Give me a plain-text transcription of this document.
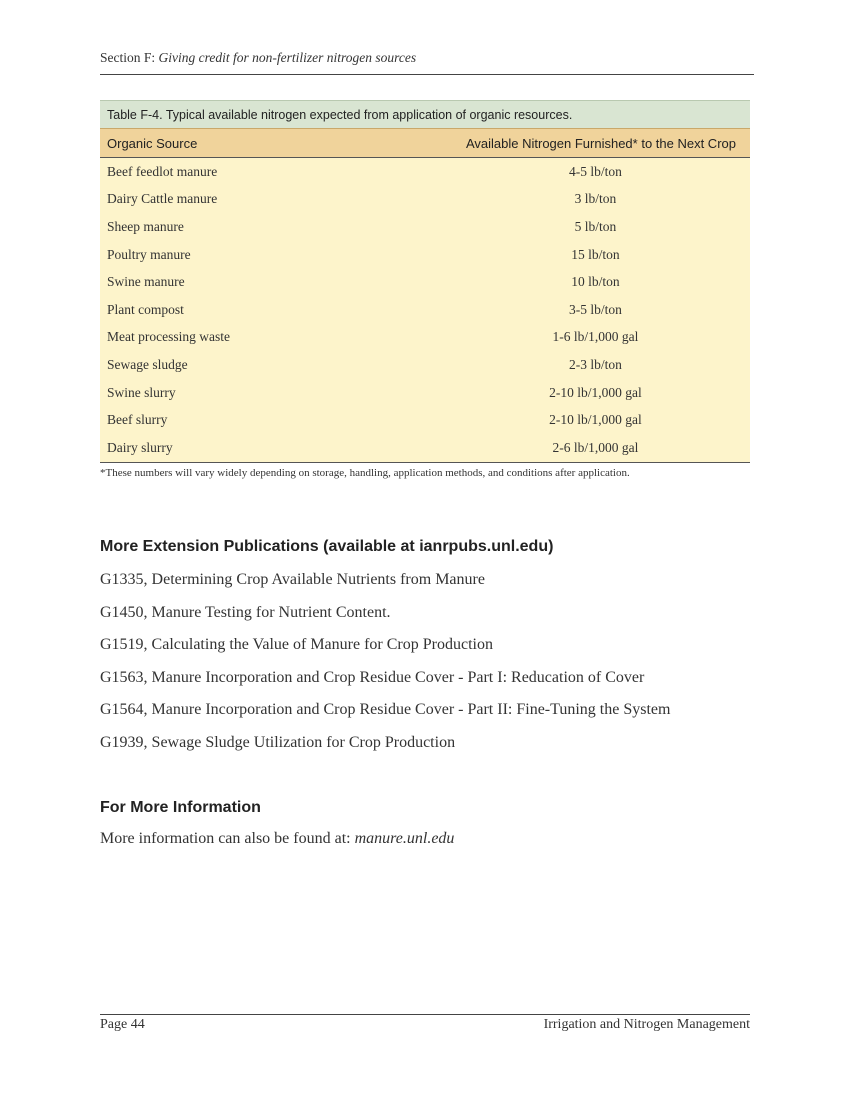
Section F: Giving credit for non-fertilizer nitrogen sources
Table F-4. Typical available nitrogen expected from application of organic resources.	
Organic Source	Available Nitrogen Furnished* to the Next Crop
Beef feedlot manure	4-5 lb/ton
Dairy Cattle manure	3 lb/ton
Sheep manure	5 lb/ton
Poultry manure	15 lb/ton
Swine manure	10 lb/ton
Plant compost	3-5 lb/ton
Meat processing waste	1-6 lb/1,000 gal
Sewage sludge	2-3 lb/ton
Swine slurry	2-10 lb/1,000 gal
Beef slurry	2-10 lb/1,000 gal
Dairy slurry	2-6 lb/1,000 gal
*These numbers will vary widely depending on storage, handling, application methods, and conditions after application.
More Extension Publications (available at ianrpubs.unl.edu)
G1335, Determining Crop Available Nutrients from Manure
G1450, Manure Testing for Nutrient Content.
G1519, Calculating the Value of Manure for Crop Production
G1563, Manure Incorporation and Crop Residue Cover - Part I: Reducation of Cover
G1564, Manure Incorporation and Crop Residue Cover - Part II: Fine-Tuning the System
G1939, Sewage Sludge Utilization for Crop Production
For More Information
More information can also be found at: manure.unl.edu
Page 44	Irrigation and Nitrogen Management
